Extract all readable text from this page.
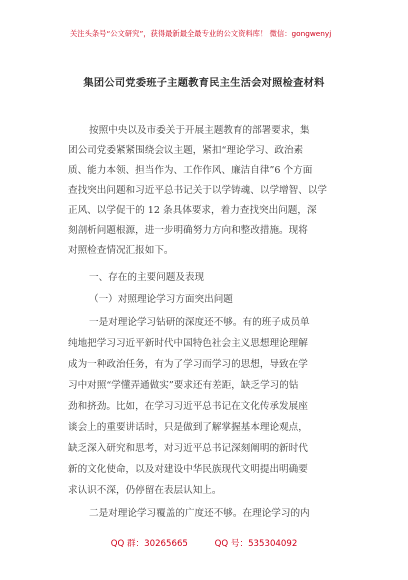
关注头条号“公文研究”，获得最新最全最专业的公文资料库！ 微信：gongwenyj
集团公司党委班子主题教育民主生活会对照检查材料
按照中央以及市委关于开展主题教育的部署要求，集
团公司党委紧紧围绕会议主题，紧扣“理论学习、政治素
质、能力本领、担当作为、工作作风、廉洁自律”6 个方面
查找突出问题和习近平总书记关于以学铸魂、以学增智、以学
正风、以学促干的 12 条具体要求，着力查找突出问题，深
刻剖析问题根源，进一步明确努力方向和整改措施。现将
对照检查情况汇报如下。
一、存在的主要问题及表现
（一）对照理论学习方面突出问题
一是对理论学习钻研的深度还不够。有的班子成员单
纯地把学习习近平新时代中国特色社会主义思想理论理解
成为一种政治任务，有为了学习而学习的思想，导致在学
习中对照“学懂弄通做实”要求还有差距，缺乏学习的钻
劲和挤劲。比如，在学习习近平总书记在文化传承发展座
谈会上的重要讲话时，只是做到了解掌握基本理论观点，
缺乏深入研究和思考，对习近平总书记深刻阐明的新时代
新的文化使命，以及对建设中华民族现代文明提出明确要
求认识不深，仍停留在表层认知上。
二是对理论学习覆盖的广度还不够。在理论学习的内
QQ 群：30265665	QQ 号：535304092
